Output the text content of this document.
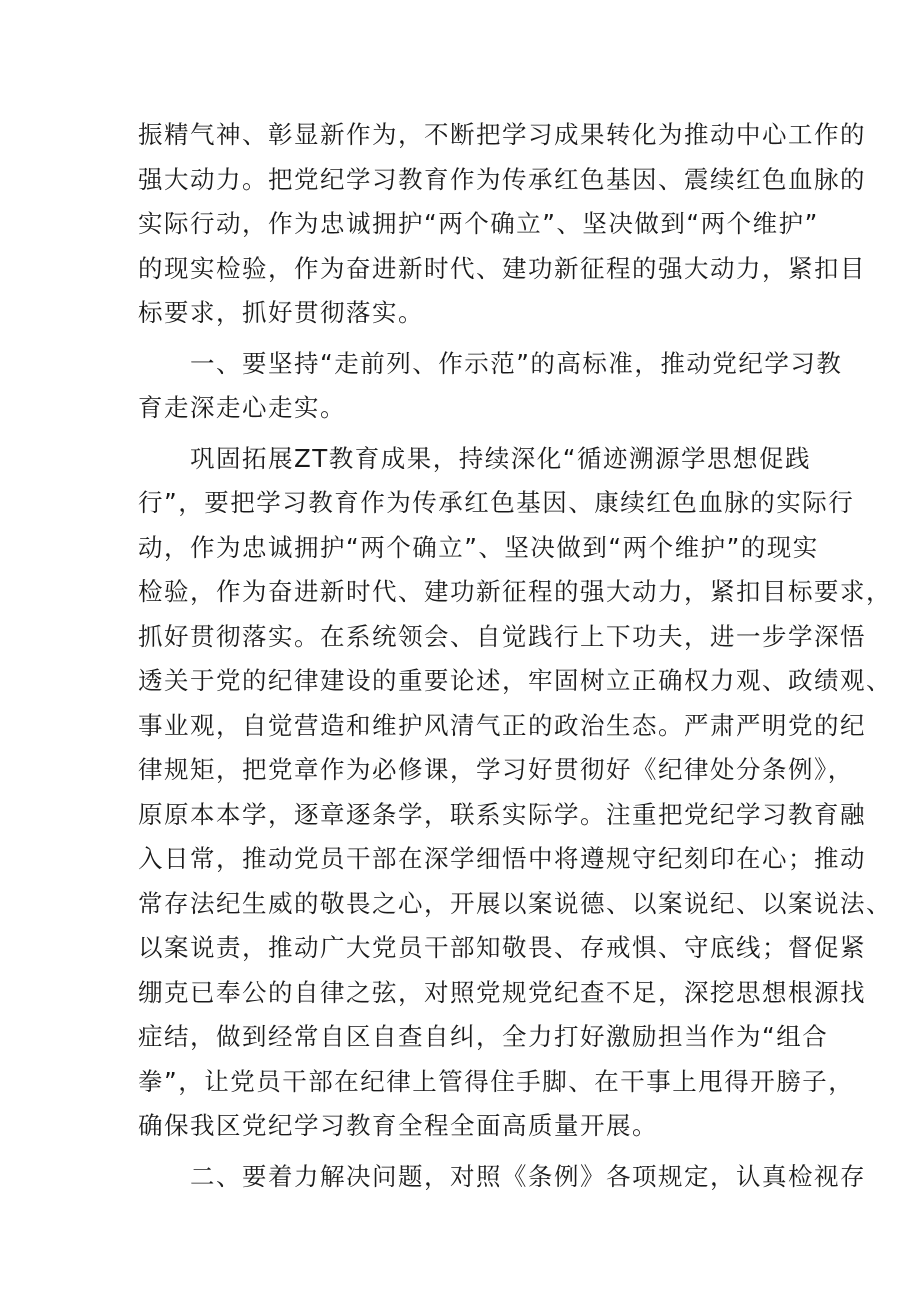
振精气神、彰显新作为，不断把学习成果转化为推动中心工作的
强大动力。把党纪学习教育作为传承红色基因、震续红色血脉的
实际行动，作为忠诚拥护“两个确立”、坚决做到“两个维护”
的现实检验，作为奋进新时代、建功新征程的强大动力，紧扣目
标要求，抓好贯彻落实。
　　一、要坚持“走前列、作示范”的高标准，推动党纪学习教
育走深走心走实。
　　巩固拓展ZT教育成果，持续深化“循迹溯源学思想促践
行”，要把学习教育作为传承红色基因、康续红色血脉的实际行
动，作为忠诚拥护“两个确立”、坚决做到“两个维护”的现实
检验，作为奋进新时代、建功新征程的强大动力，紧扣目标要求，
抓好贯彻落实。在系统领会、自觉践行上下功夫，进一步学深悟
透关于党的纪律建设的重要论述，牢固树立正确权力观、政绩观、
事业观，自觉营造和维护风清气正的政治生态。严肃严明党的纪
律规矩，把党章作为必修课，学习好贯彻好《纪律处分条例》，
原原本本学，逐章逐条学，联系实际学。注重把党纪学习教育融
入日常，推动党员干部在深学细悟中将遵规守纪刻印在心；推动
常存法纪生威的敬畏之心，开展以案说德、以案说纪、以案说法、
以案说责，推动广大党员干部知敬畏、存戒惧、守底线；督促紧
绷克已奉公的自律之弦，对照党规党纪查不足，深挖思想根源找
症结，做到经常自区自查自纠，全力打好激励担当作为“组合
拳”，让党员干部在纪律上管得住手脚、在干事上甩得开膀子，
确保我区党纪学习教育全程全面高质量开展。
　　二、要着力解决问题，对照《条例》各项规定，认真检视存
